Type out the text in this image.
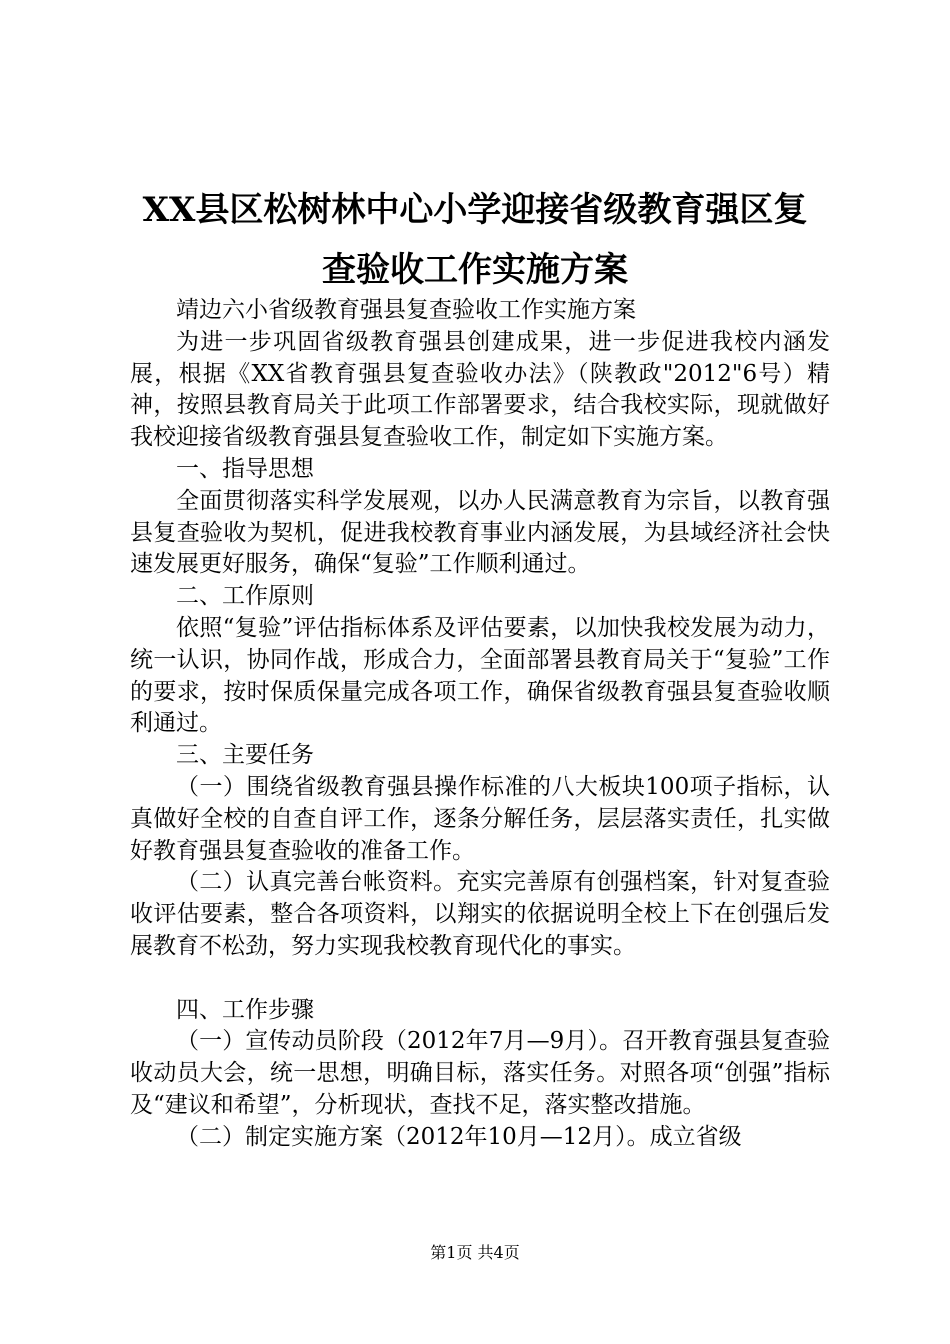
XX县区松树林中心小学迎接省级教育强区复
查验收工作实施方案

靖边六小省级教育强县复查验收工作实施方案

为进一步巩固省级教育强县创建成果，进一步促进我校内涵发展，根据《XX省教育强县复查验收办法》（陕教政"2012"6号）精神，按照县教育局关于此项工作部署要求，结合我校实际，现就做好我校迎接省级教育强县复查验收工作，制定如下实施方案。

一、指导思想

全面贯彻落实科学发展观，以办人民满意教育为宗旨，以教育强县复查验收为契机，促进我校教育事业内涵发展，为县域经济社会快速发展更好服务，确保“复验”工作顺利通过。

二、工作原则

依照“复验”评估指标体系及评估要素，以加快我校发展为动力，统一认识，协同作战，形成合力，全面部署县教育局关于“复验”工作的要求，按时保质保量完成各项工作，确保省级教育强县复查验收顺利通过。

三、主要任务

（一）围绕省级教育强县操作标准的八大板块100项子指标，认真做好全校的自查自评工作，逐条分解任务，层层落实责任，扎实做好教育强县复查验收的准备工作。

（二）认真完善台帐资料。充实完善原有创强档案，针对复查验收评估要素，整合各项资料，以翔实的依据说明全校上下在创强后发展教育不松劲，努力实现我校教育现代化的事实。

四、工作步骤

（一）宣传动员阶段（2012年7月—9月）。召开教育强县复查验收动员大会，统一思想，明确目标，落实任务。对照各项“创强”指标及“建议和希望”，分析现状，查找不足，落实整改措施。

（二）制定实施方案（2012年10月—12月）。成立省级

第1页 共4页
